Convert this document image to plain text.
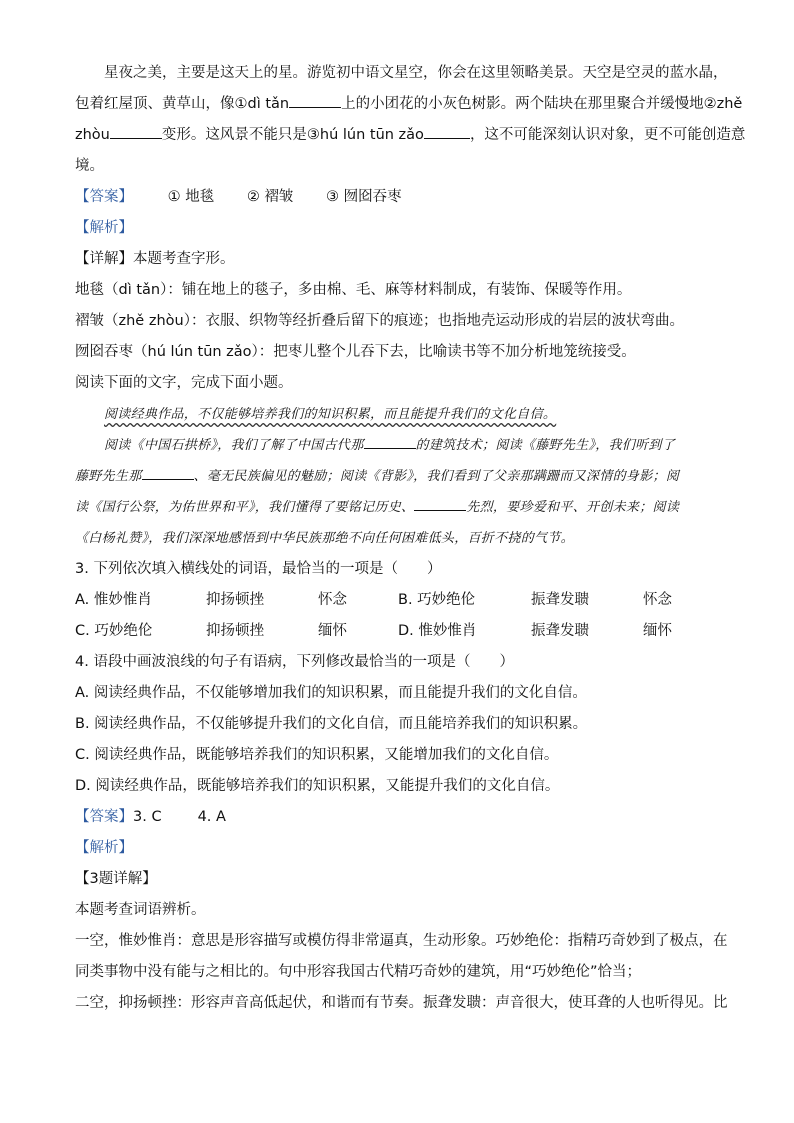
星夜之美，主要是这天上的星。游览初中语文星空，你会在这里领略美景。天空是空灵的蓝水晶，

包着红屋顶、黄草山，像①dì tǎn	上的小团花的小灰色树影。两个陆块在那里聚合并缓慢地②zhě

zhòu	变形。这风景不能只是③hú lún tūn zǎo	，这不可能深刻认识对象，更不可能创造意

境。

【答案】 ① 地毯 ② 褶皱 ③ 囫囵吞枣

【解析】

【详解】本题考查字形。

地毯（dì tǎn）：铺在地上的毯子，多由棉、毛、麻等材料制成，有装饰、保暖等作用。

褶皱（zhě zhòu）：衣服、织物等经折叠后留下的痕迹；也指地壳运动形成的岩层的波状弯曲。

囫囵吞枣（hú lún tūn zǎo）：把枣儿整个儿吞下去，比喻读书等不加分析地笼统接受。

阅读下面的文字，完成下面小题。

阅读经典作品，不仅能够培养我们的知识积累，而且能提升我们的文化自信。

阅读《中国石拱桥》，我们了解了中国古代那	的建筑技术；阅读《藤野先生》，我们听到了

藤野先生那	、毫无民族偏见的魅励；阅读《背影》，我们看到了父亲那蹒跚而又深情的身影；阅

读《国行公祭，为佑世界和平》，我们懂得了要铭记历史、	先烈，要珍爱和平、开创未来；阅读

《白杨礼赞》，我们深深地感悟到中华民族那绝不向任何困难低头，百折不挠的气节。

3. 下列依次填入横线处的词语，最恰当的一项是（　　）

A. 惟妙惟肖	抑扬顿挫	怀念	B. 巧妙绝伦	振聋发聩	怀念
C. 巧妙绝伦	抑扬顿挫	缅怀	D. 惟妙惟肖	振聋发聩	缅怀

4. 语段中画波浪线的句子有语病，下列修改最恰当的一项是（　　）

A. 阅读经典作品，不仅能够增加我们的知识积累，而且能提升我们的文化自信。

B. 阅读经典作品，不仅能够提升我们的文化自信，而且能培养我们的知识积累。

C. 阅读经典作品，既能够培养我们的知识积累，又能增加我们的文化自信。

D. 阅读经典作品，既能够培养我们的知识积累，又能提升我们的文化自信。

【答案】3. C 4. A

【解析】

【3题详解】

本题考查词语辨析。

一空，惟妙惟肖：意思是形容描写或模仿得非常逼真，生动形象。巧妙绝伦：指精巧奇妙到了极点，在

同类事物中没有能与之相比的。句中形容我国古代精巧奇妙的建筑，用“巧妙绝伦”恰当；

二空，抑扬顿挫：形容声音高低起伏，和谐而有节奏。振聋发聩：声音很大，使耳聋的人也听得见。比
